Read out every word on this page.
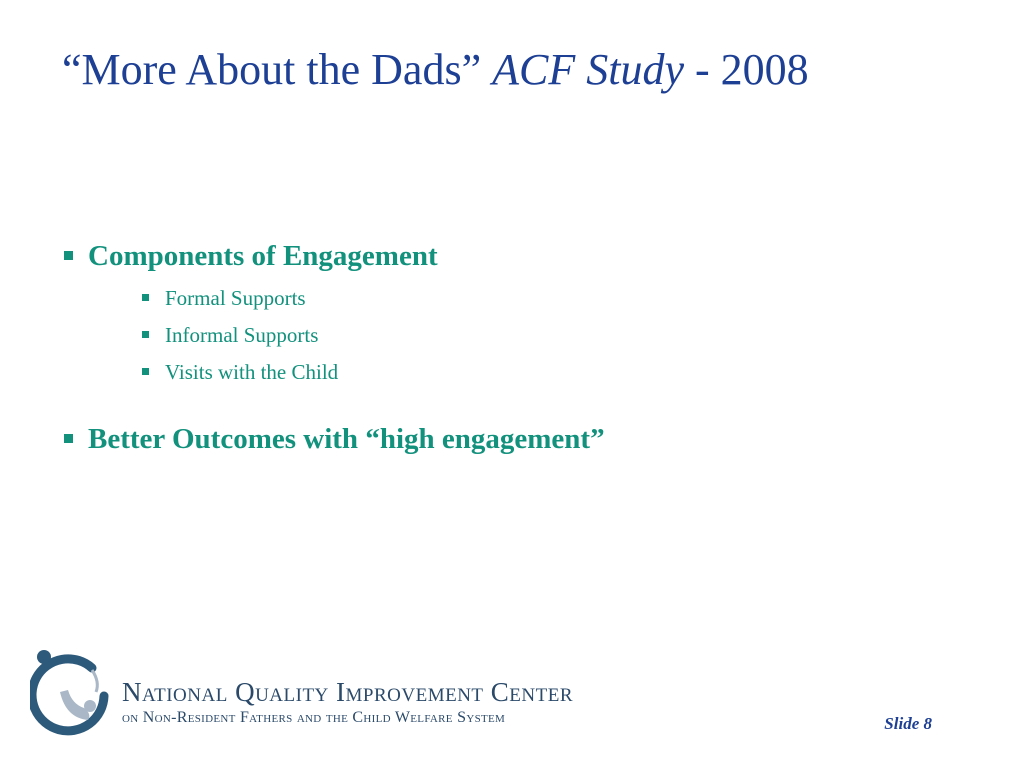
“More About the Dads” ACF Study - 2008
Components of Engagement
Formal Supports
Informal Supports
Visits with the Child
Better Outcomes with “high engagement”
National Quality Improvement Center
on Non-Resident Fathers and the Child Welfare System	Slide 8
